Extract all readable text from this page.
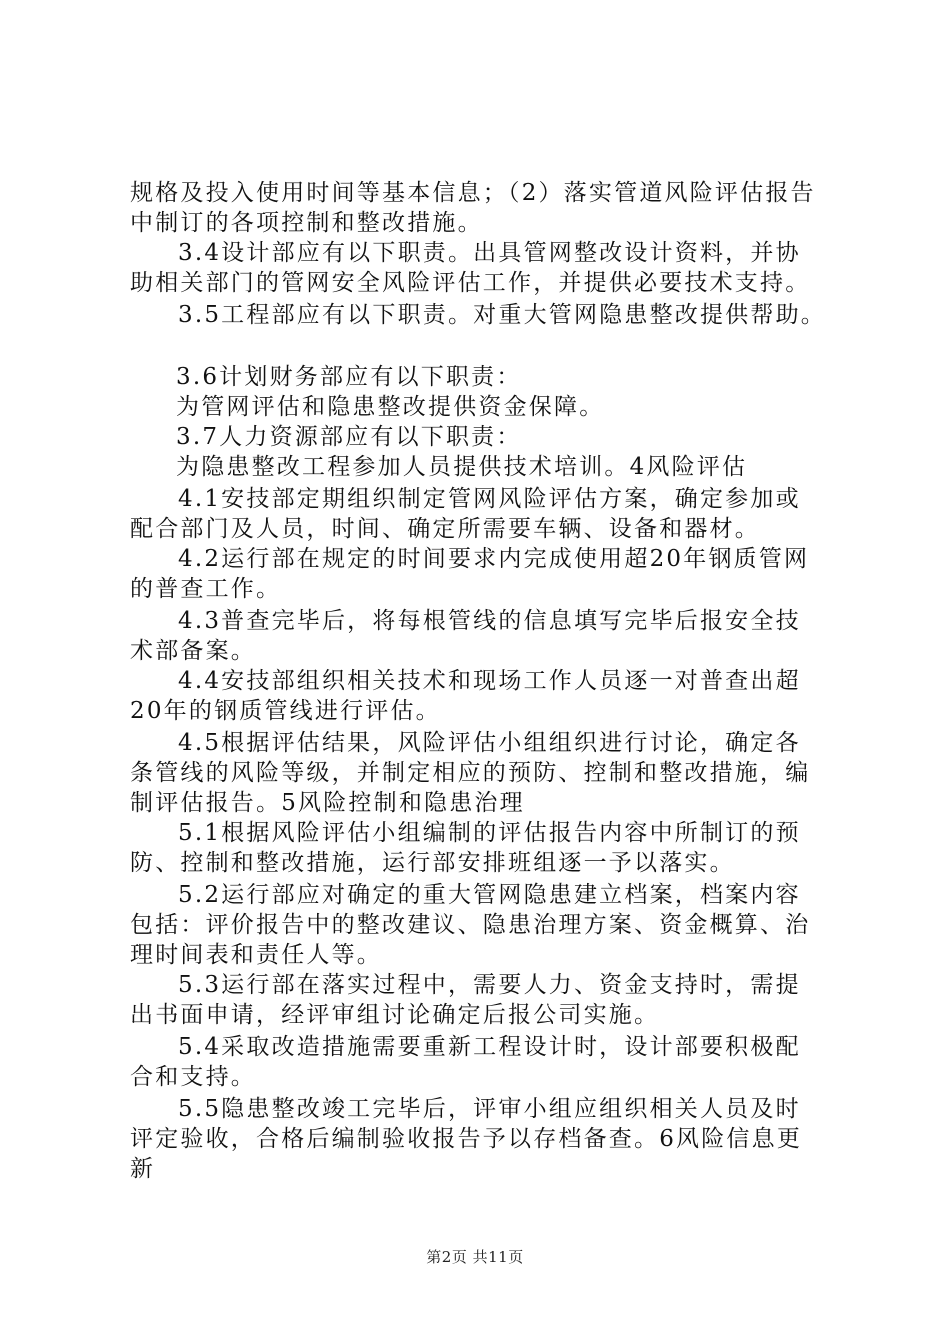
规格及投入使用时间等基本信息；（2）落实管道风险评估报告
中制订的各项控制和整改措施。
3.4设计部应有以下职责。出具管网整改设计资料，并协
助相关部门的管网安全风险评估工作，并提供必要技术支持。
3.5工程部应有以下职责。对重大管网隐患整改提供帮助。
3.6计划财务部应有以下职责：
为管网评估和隐患整改提供资金保障。
3.7人力资源部应有以下职责：
为隐患整改工程参加人员提供技术培训。4风险评估
4.1安技部定期组织制定管网风险评估方案，确定参加或
配合部门及人员，时间、确定所需要车辆、设备和器材。
4.2运行部在规定的时间要求内完成使用超20年钢质管网
的普查工作。
4.3普查完毕后，将每根管线的信息填写完毕后报安全技
术部备案。
4.4安技部组织相关技术和现场工作人员逐一对普查出超
20年的钢质管线进行评估。
4.5根据评估结果，风险评估小组组织进行讨论，确定各
条管线的风险等级，并制定相应的预防、控制和整改措施，编
制评估报告。5风险控制和隐患治理
5.1根据风险评估小组编制的评估报告内容中所制订的预
防、控制和整改措施，运行部安排班组逐一予以落实。
5.2运行部应对确定的重大管网隐患建立档案，档案内容
包括：评价报告中的整改建议、隐患治理方案、资金概算、治
理时间表和责任人等。
5.3运行部在落实过程中，需要人力、资金支持时，需提
出书面申请，经评审组讨论确定后报公司实施。
5.4采取改造措施需要重新工程设计时，设计部要积极配
合和支持。
5.5隐患整改竣工完毕后，评审小组应组织相关人员及时
评定验收，合格后编制验收报告予以存档备查。6风险信息更
新
第2页 共11页
